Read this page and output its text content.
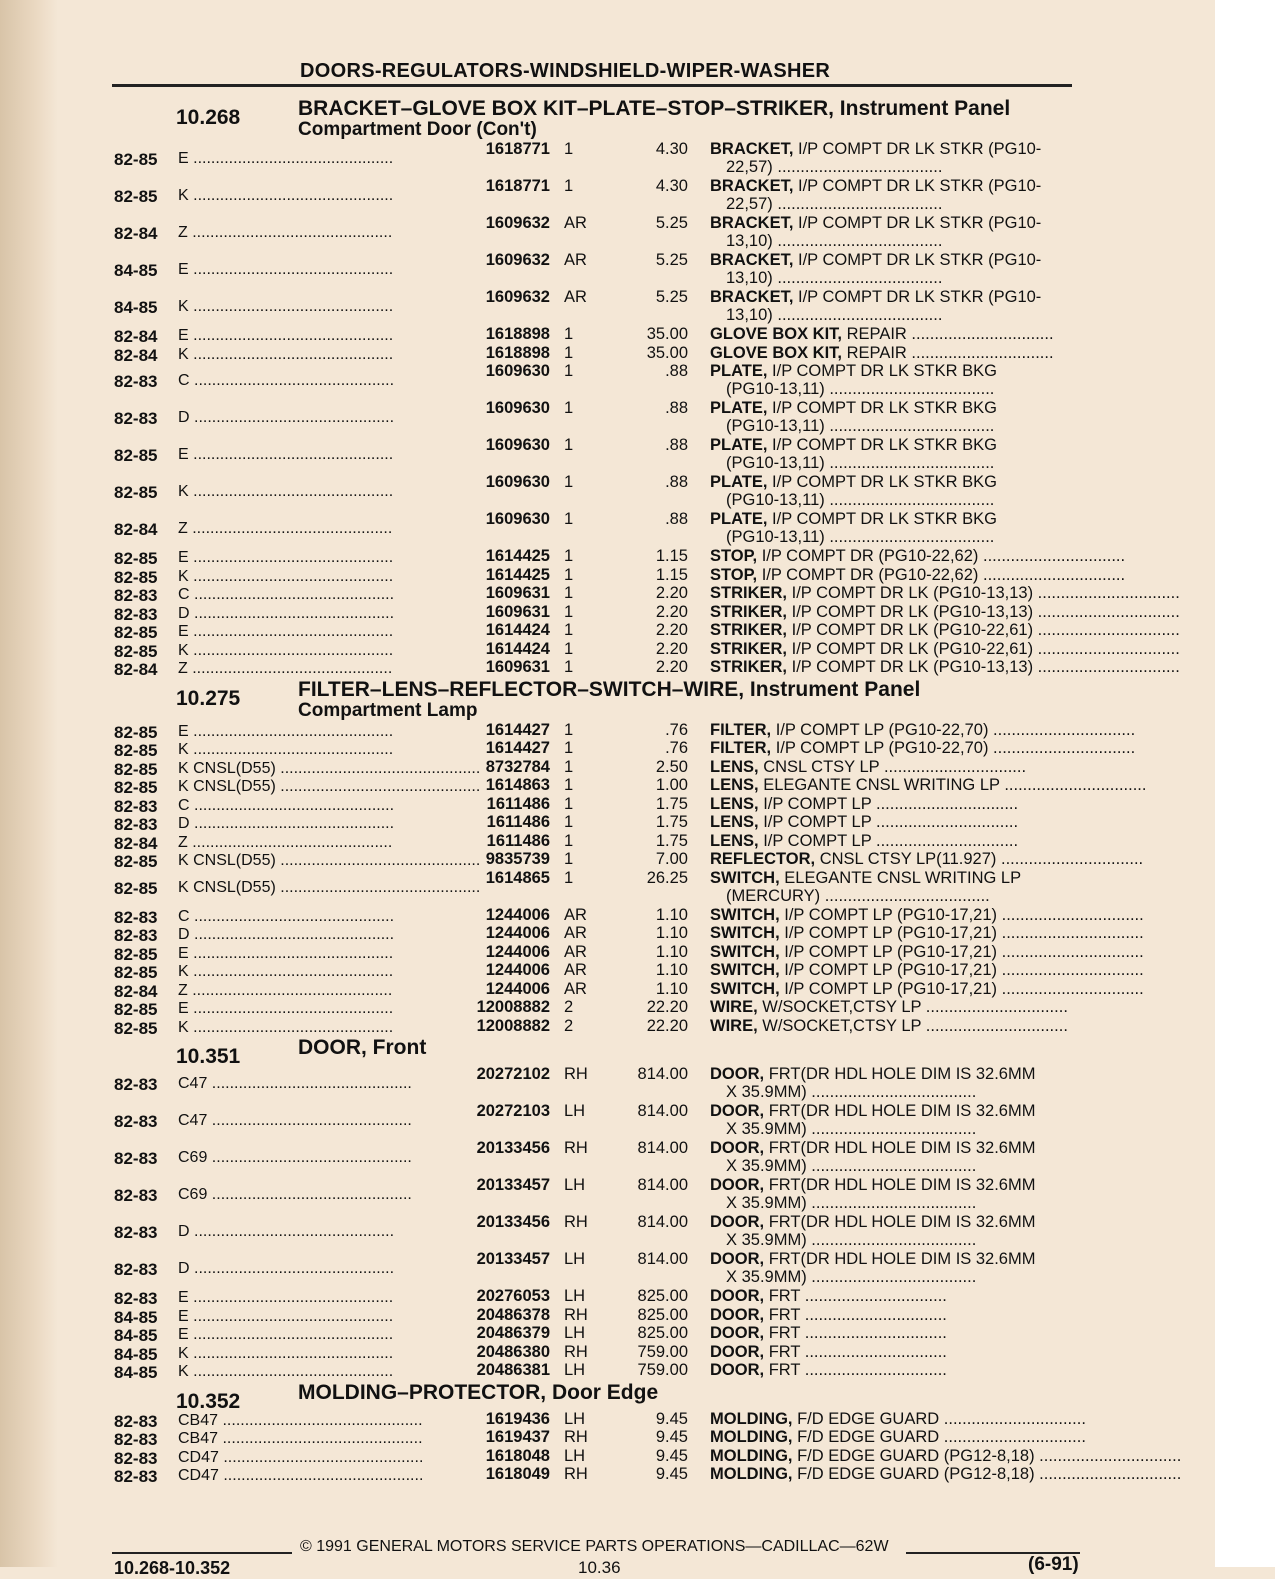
DOORS-REGULATORS-WINDSHIELD-WIPER-WASHER
10.268	BRACKET–GLOVE BOX KIT–PLATE–STOP–STRIKER, Instrument Panel
Compartment Door (Con't)
82-85 E .............................................
1618771 1	4.30 BRACKET, I/P COMPT DR LK STKR (PG10-
22,57) ....................................
82-85 K .............................................
1618771 1	4.30 BRACKET, I/P COMPT DR LK STKR (PG10-
22,57) ....................................
82-84 Z .............................................
1609632 AR	5.25 BRACKET, I/P COMPT DR LK STKR (PG10-
13,10) ....................................
84-85 E .............................................
1609632 AR	5.25 BRACKET, I/P COMPT DR LK STKR (PG10-
13,10) ....................................
84-85 K .............................................
1609632 AR	5.25 BRACKET, I/P COMPT DR LK STKR (PG10-
13,10) ....................................
82-84 E .............................................	1618898 1	35.00 GLOVE BOX KIT, REPAIR ...............................
82-84 K .............................................	1618898 1	35.00 GLOVE BOX KIT, REPAIR ...............................
82-83 C .............................................
1609630 1	.88 PLATE, I/P COMPT DR LK STKR BKG
(PG10-13,11) ....................................
82-83 D .............................................
1609630 1	.88 PLATE, I/P COMPT DR LK STKR BKG
(PG10-13,11) ....................................
82-85 E .............................................
1609630 1	.88 PLATE, I/P COMPT DR LK STKR BKG
(PG10-13,11) ....................................
82-85 K .............................................
1609630 1	.88 PLATE, I/P COMPT DR LK STKR BKG
(PG10-13,11) ....................................
82-84 Z .............................................
1609630 1	.88 PLATE, I/P COMPT DR LK STKR BKG
(PG10-13,11) ....................................
82-85 E .............................................	1614425 1	1.15 STOP, I/P COMPT DR (PG10-22,62) ...............................
82-85 K .............................................	1614425 1	1.15 STOP, I/P COMPT DR (PG10-22,62) ...............................
82-83 C .............................................	1609631 1	2.20 STRIKER, I/P COMPT DR LK (PG10-13,13) ...............................
82-83 D .............................................	1609631 1	2.20 STRIKER, I/P COMPT DR LK (PG10-13,13) ...............................
82-85 E .............................................	1614424 1	2.20 STRIKER, I/P COMPT DR LK (PG10-22,61) ...............................
82-85 K .............................................	1614424 1	2.20 STRIKER, I/P COMPT DR LK (PG10-22,61) ...............................
82-84 Z .............................................	1609631 1	2.20 STRIKER, I/P COMPT DR LK (PG10-13,13) ...............................
10.275	FILTER–LENS–REFLECTOR–SWITCH–WIRE, Instrument Panel
Compartment Lamp
82-85 E .............................................	1614427 1	.76 FILTER, I/P COMPT LP (PG10-22,70) ...............................
82-85 K .............................................	1614427 1	.76 FILTER, I/P COMPT LP (PG10-22,70) ...............................
82-85 K CNSL(D55) ............................................. 8732784 1	2.50 LENS, CNSL CTSY LP ...............................
82-85 K CNSL(D55) ............................................. 1614863 1	1.00 LENS, ELEGANTE CNSL WRITING LP ...............................
82-83 C .............................................	1611486 1	1.75 LENS, I/P COMPT LP ...............................
82-83 D .............................................	1611486 1	1.75 LENS, I/P COMPT LP ...............................
82-84 Z .............................................	1611486 1	1.75 LENS, I/P COMPT LP ...............................
82-85 K CNSL(D55) ............................................. 9835739 1	7.00 REFLECTOR, CNSL CTSY LP(11.927) ...............................
82-85 K CNSL(D55) .............................................
1614865 1	26.25 SWITCH, ELEGANTE CNSL WRITING LP
(MERCURY) ....................................
82-83 C .............................................	1244006 AR	1.10 SWITCH, I/P COMPT LP (PG10-17,21) ...............................
82-83 D .............................................	1244006 AR	1.10 SWITCH, I/P COMPT LP (PG10-17,21) ...............................
82-85 E .............................................	1244006 AR	1.10 SWITCH, I/P COMPT LP (PG10-17,21) ...............................
82-85 K .............................................	1244006 AR	1.10 SWITCH, I/P COMPT LP (PG10-17,21) ...............................
82-84 Z .............................................	1244006 AR	1.10 SWITCH, I/P COMPT LP (PG10-17,21) ...............................
82-85 E .............................................	12008882 2	22.20 WIRE, W/SOCKET,CTSY LP ...............................
82-85 K .............................................	12008882 2	22.20 WIRE, W/SOCKET,CTSY LP ...............................
10.351	DOOR, Front
82-83 C47 .............................................
20272102 RH	814.00 DOOR, FRT(DR HDL HOLE DIM IS 32.6MM
X 35.9MM) ....................................
82-83 C47 .............................................
20272103 LH	814.00 DOOR, FRT(DR HDL HOLE DIM IS 32.6MM
X 35.9MM) ....................................
82-83 C69 .............................................
20133456 RH	814.00 DOOR, FRT(DR HDL HOLE DIM IS 32.6MM
X 35.9MM) ....................................
82-83 C69 .............................................
20133457 LH	814.00 DOOR, FRT(DR HDL HOLE DIM IS 32.6MM
X 35.9MM) ....................................
82-83 D .............................................
20133456 RH	814.00 DOOR, FRT(DR HDL HOLE DIM IS 32.6MM
X 35.9MM) ....................................
82-83 D .............................................
20133457 LH	814.00 DOOR, FRT(DR HDL HOLE DIM IS 32.6MM
X 35.9MM) ....................................
82-83 E .............................................	20276053 LH	825.00 DOOR, FRT ...............................
84-85 E .............................................	20486378 RH	825.00 DOOR, FRT ...............................
84-85 E .............................................	20486379 LH	825.00 DOOR, FRT ...............................
84-85 K .............................................	20486380 RH	759.00 DOOR, FRT ...............................
84-85 K .............................................	20486381 LH	759.00 DOOR, FRT ...............................
10.352	MOLDING–PROTECTOR, Door Edge
82-83 CB47 .............................................	1619436 LH	9.45 MOLDING, F/D EDGE GUARD ...............................
82-83 CB47 .............................................	1619437 RH	9.45 MOLDING, F/D EDGE GUARD ...............................
82-83 CD47 .............................................	1618048 LH	9.45 MOLDING, F/D EDGE GUARD (PG12-8,18) ...............................
82-83 CD47 .............................................	1618049 RH	9.45 MOLDING, F/D EDGE GUARD (PG12-8,18) ...............................
© 1991 GENERAL MOTORS SERVICE PARTS OPERATIONS—CADILLAC—62W
10.268-10.352	10.36	(6-91)
